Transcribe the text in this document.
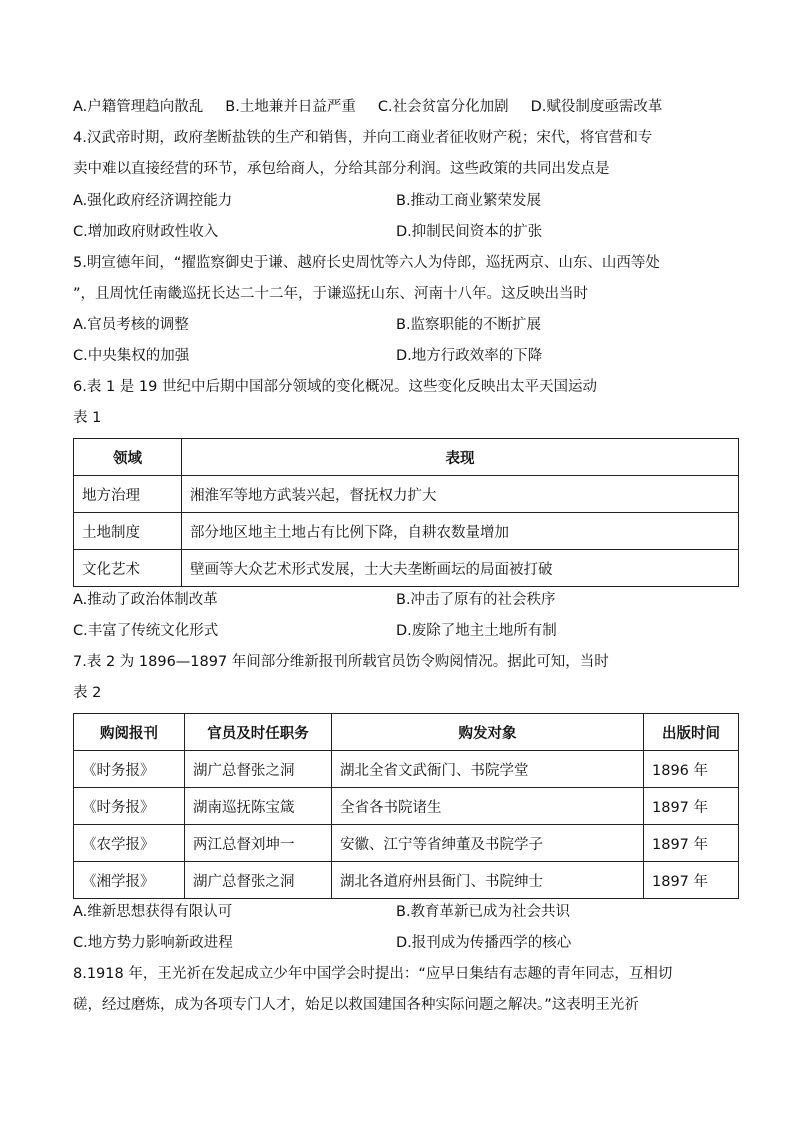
A.户籍管理趋向散乱 B.土地兼并日益严重 C.社会贫富分化加剧 D.赋役制度亟需改革
4.汉武帝时期，政府垄断盐铁的生产和销售，并向工商业者征收财产税；宋代，将官营和专
卖中难以直接经营的环节，承包给商人，分给其部分利润。这些政策的共同出发点是
A.强化政府经济调控能力	B.推动工商业繁荣发展
C.增加政府财政性收入	D.抑制民间资本的扩张
5.明宣德年间，“擢监察御史于谦、越府长史周忱等六人为侍郎，巡抚两京、山东、山西等处
”，且周忱任南畿巡抚长达二十二年，于谦巡抚山东、河南十八年。这反映出当时
A.官员考核的调整	B.监察职能的不断扩展
C.中央集权的加强	D.地方行政效率的下降
6.表 1 是 19 世纪中后期中国部分领域的变化概况。这些变化反映出太平天国运动
表 1
领域	表现
地方治理	湘淮军等地方武装兴起，督抚权力扩大
土地制度	部分地区地主土地占有比例下降，自耕农数量增加
文化艺术	壁画等大众艺术形式发展，士大夫垄断画坛的局面被打破
A.推动了政治体制改革	B.冲击了原有的社会秩序
C.丰富了传统文化形式	D.废除了地主土地所有制
7.表 2 为 1896—1897 年间部分维新报刊所载官员饬令购阅情况。据此可知，当时
表 2
购阅报刊	官员及时任职务	购发对象	出版时间
《时务报》	湖广总督张之洞	湖北全省文武衙门、书院学堂	1896 年
《时务报》	湖南巡抚陈宝箴	全省各书院诸生	1897 年
《农学报》	两江总督刘坤一	安徽、江宁等省绅董及书院学子	1897 年
《湘学报》	湖广总督张之洞	湖北各道府州县衙门、书院绅士	1897 年
A.维新思想获得有限认可	B.教育革新已成为社会共识
C.地方势力影响新政进程	D.报刊成为传播西学的核心
8.1918 年，王光祈在发起成立少年中国学会时提出：“应早日集结有志趣的青年同志，互相切
磋，经过磨炼，成为各项专门人才，始足以救国建国各种实际问题之解决。”这表明王光祈
